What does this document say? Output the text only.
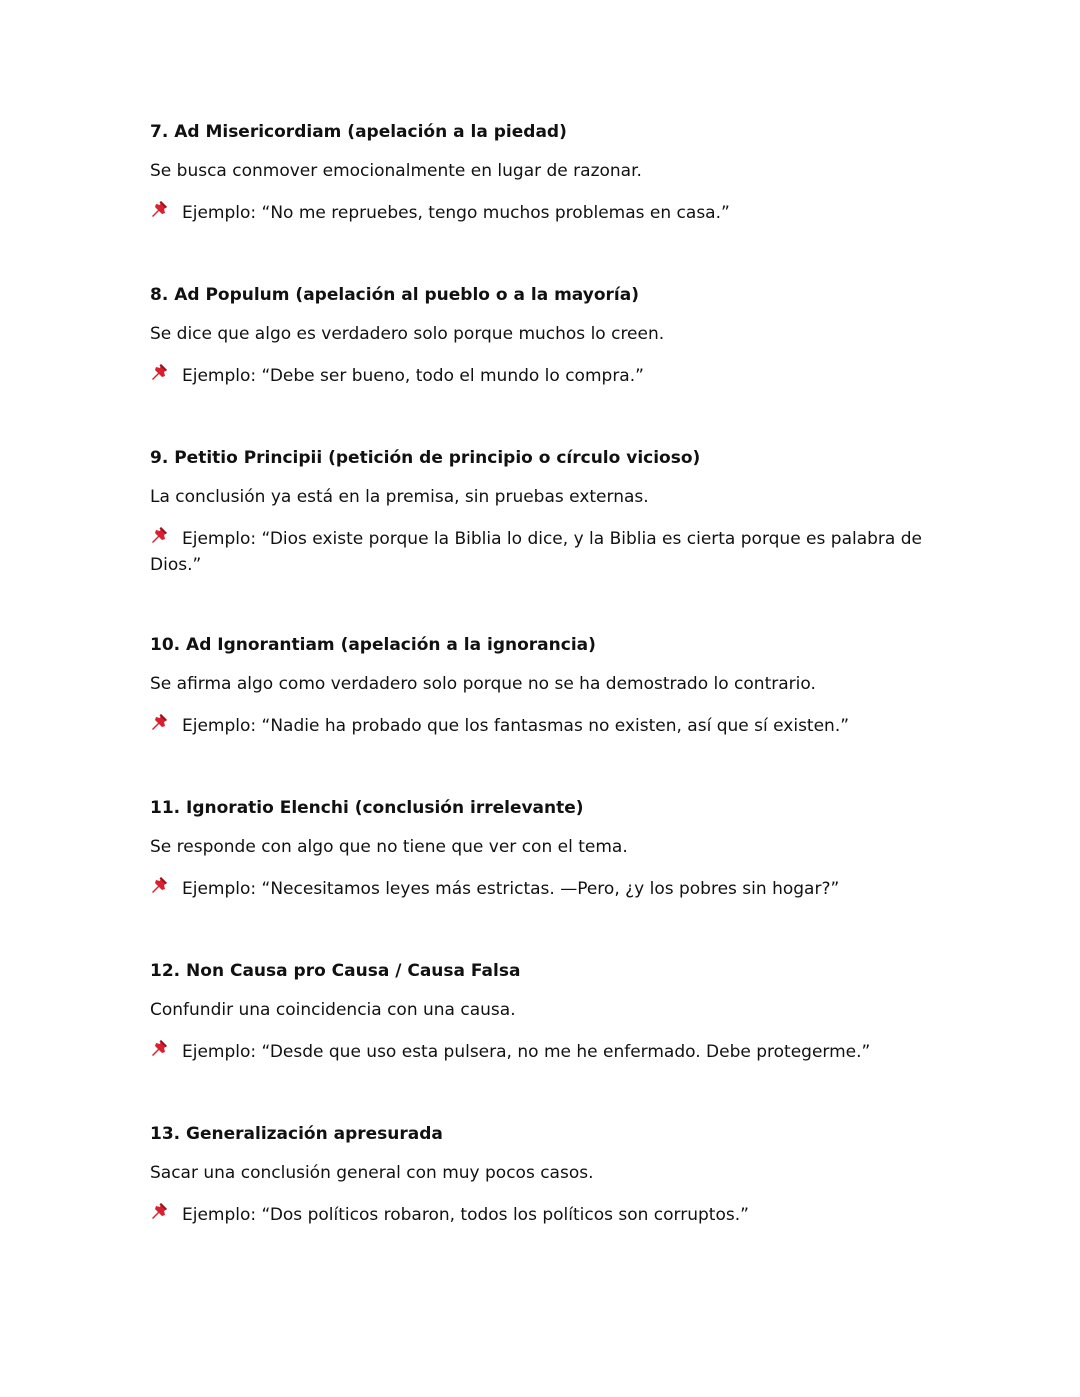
7. Ad Misericordiam (apelación a la piedad)

Se busca conmover emocionalmente en lugar de razonar.

Ejemplo: “No me repruebes, tengo muchos problemas en casa.”

8. Ad Populum (apelación al pueblo o a la mayoría)

Se dice que algo es verdadero solo porque muchos lo creen.

Ejemplo: “Debe ser bueno, todo el mundo lo compra.”

9. Petitio Principii (petición de principio o círculo vicioso)

La conclusión ya está en la premisa, sin pruebas externas.

Ejemplo: “Dios existe porque la Biblia lo dice, y la Biblia es cierta porque es palabra de Dios.”

10. Ad Ignorantiam (apelación a la ignorancia)

Se afirma algo como verdadero solo porque no se ha demostrado lo contrario.

Ejemplo: “Nadie ha probado que los fantasmas no existen, así que sí existen.”

11. Ignoratio Elenchi (conclusión irrelevante)

Se responde con algo que no tiene que ver con el tema.

Ejemplo: “Necesitamos leyes más estrictas. —Pero, ¿y los pobres sin hogar?”

12. Non Causa pro Causa / Causa Falsa

Confundir una coincidencia con una causa.

Ejemplo: “Desde que uso esta pulsera, no me he enfermado. Debe protegerme.”

13. Generalización apresurada

Sacar una conclusión general con muy pocos casos.

Ejemplo: “Dos políticos robaron, todos los políticos son corruptos.”
